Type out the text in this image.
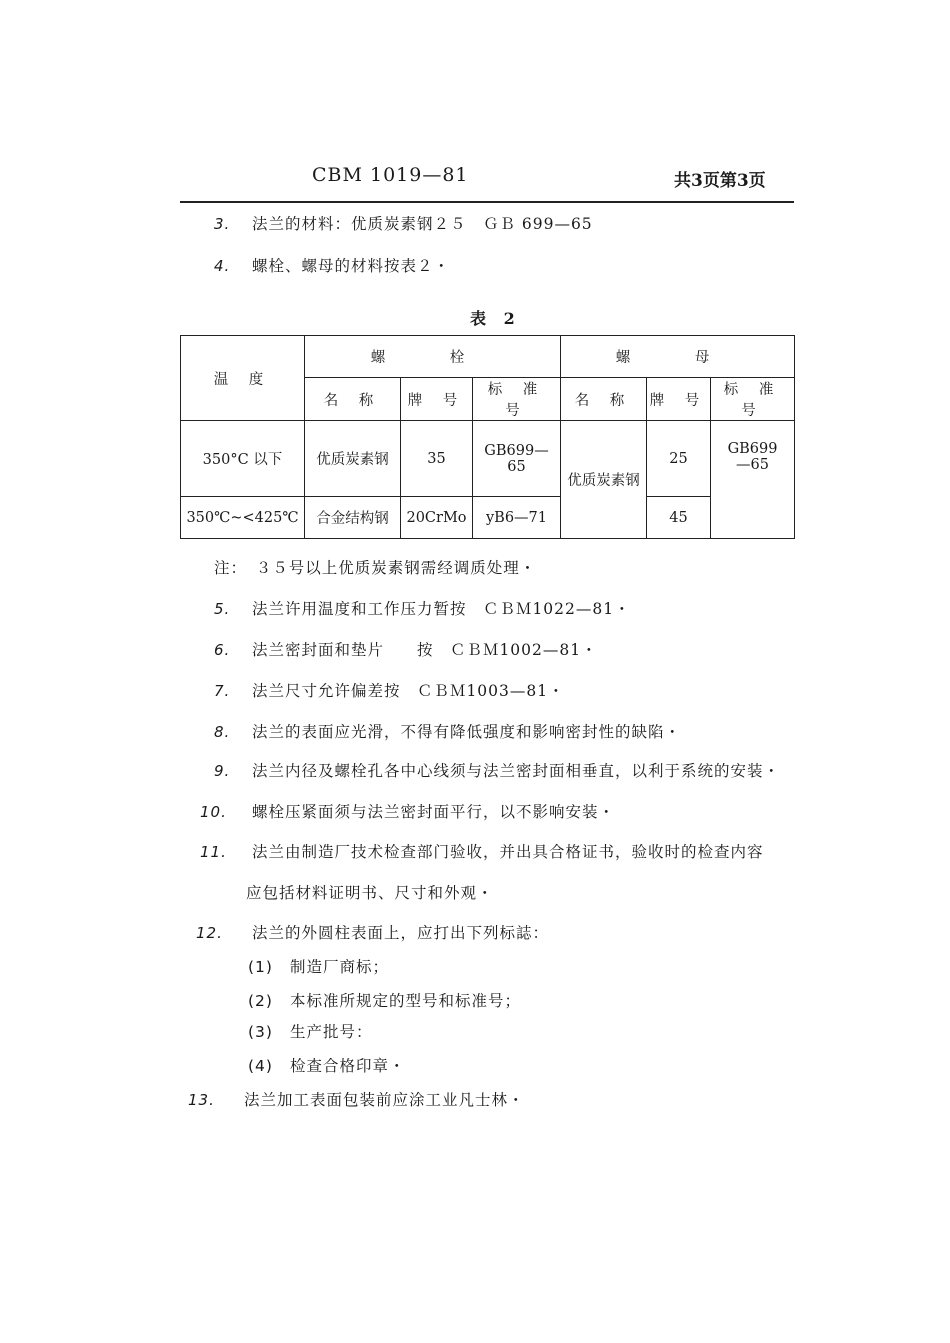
CBM 1019—81	共3页第3页
3. 法兰的材料：优质炭素钢２５　ＧＢ 699—65
4. 螺栓、螺母的材料按表２・
表 2
温 度	螺 栓			螺 母		
	名 称	牌 号	标 准 号	名 称	牌 号	标 准 号
350°C 以下	优质炭素钢	35	GB699—65	优质炭素钢	25	GB699—65
350℃~<425℃	合金结构钢	20CrMo	yB6—71		45	
注：　３５号以上优质炭素钢需经调质处理・
5. 法兰许用温度和工作压力暂按　ＣＢＭ1022—81・
6. 法兰密封面和垫片　　按　ＣＢＭ1002—81・
7. 法兰尺寸允许偏差按　ＣＢＭ1003—81・
8. 法兰的表面应光滑，不得有降低强度和影响密封性的缺陷・
9. 法兰内径及螺栓孔各中心线须与法兰密封面相垂直，以利于系统的安装・
10. 螺栓压紧面须与法兰密封面平行，以不影响安装・
11. 法兰由制造厂技术检查部门验收，并出具合格证书，验收时的检查内容
应包括材料证明书、尺寸和外观・
12. 法兰的外圆柱表面上，应打出下列标誌：
(1) 制造厂商标；
(2) 本标准所规定的型号和标准号；
(3) 生产批号：
(4) 检查合格印章・
13. 法兰加工表面包装前应涂工业凡士林・
